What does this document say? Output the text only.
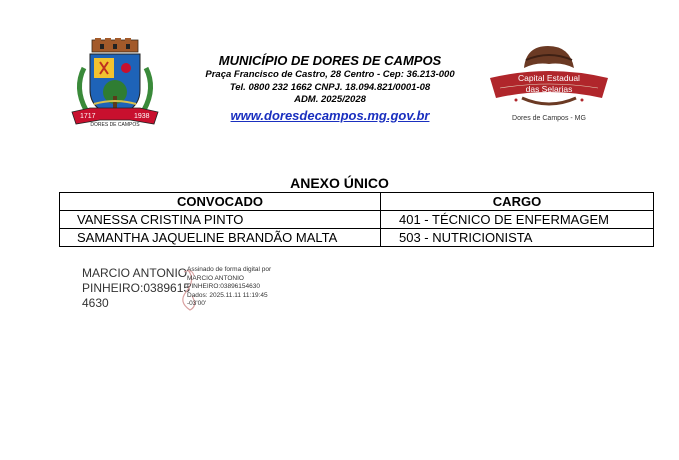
1717	1938
DORES DE CAMPOS
MUNICÍPIO DE DORES DE CAMPOS
Praça Francisco de Castro, 28 Centro - Cep: 36.213-000
Tel. 0800 232 1662 CNPJ. 18.094.821/0001-08
ADM. 2025/2028
www.doresdecampos.mg.gov.br
Capital Estadual
das Selarias
Dores de Campos - MG
ANEXO ÚNICO
CONVOCADO	CARGO
VANESSA CRISTINA PINTO	401 - TÉCNICO DE ENFERMAGEM
SAMANTHA JAQUELINE BRANDÃO MALTA	503 - NUTRICIONISTA
MARCIO ANTONIO
PINHEIRO:0389615
4630
Assinado de forma digital por
MARCIO ANTONIO
PINHEIRO:03896154630
Dados: 2025.11.11 11:19:45
-03'00'
